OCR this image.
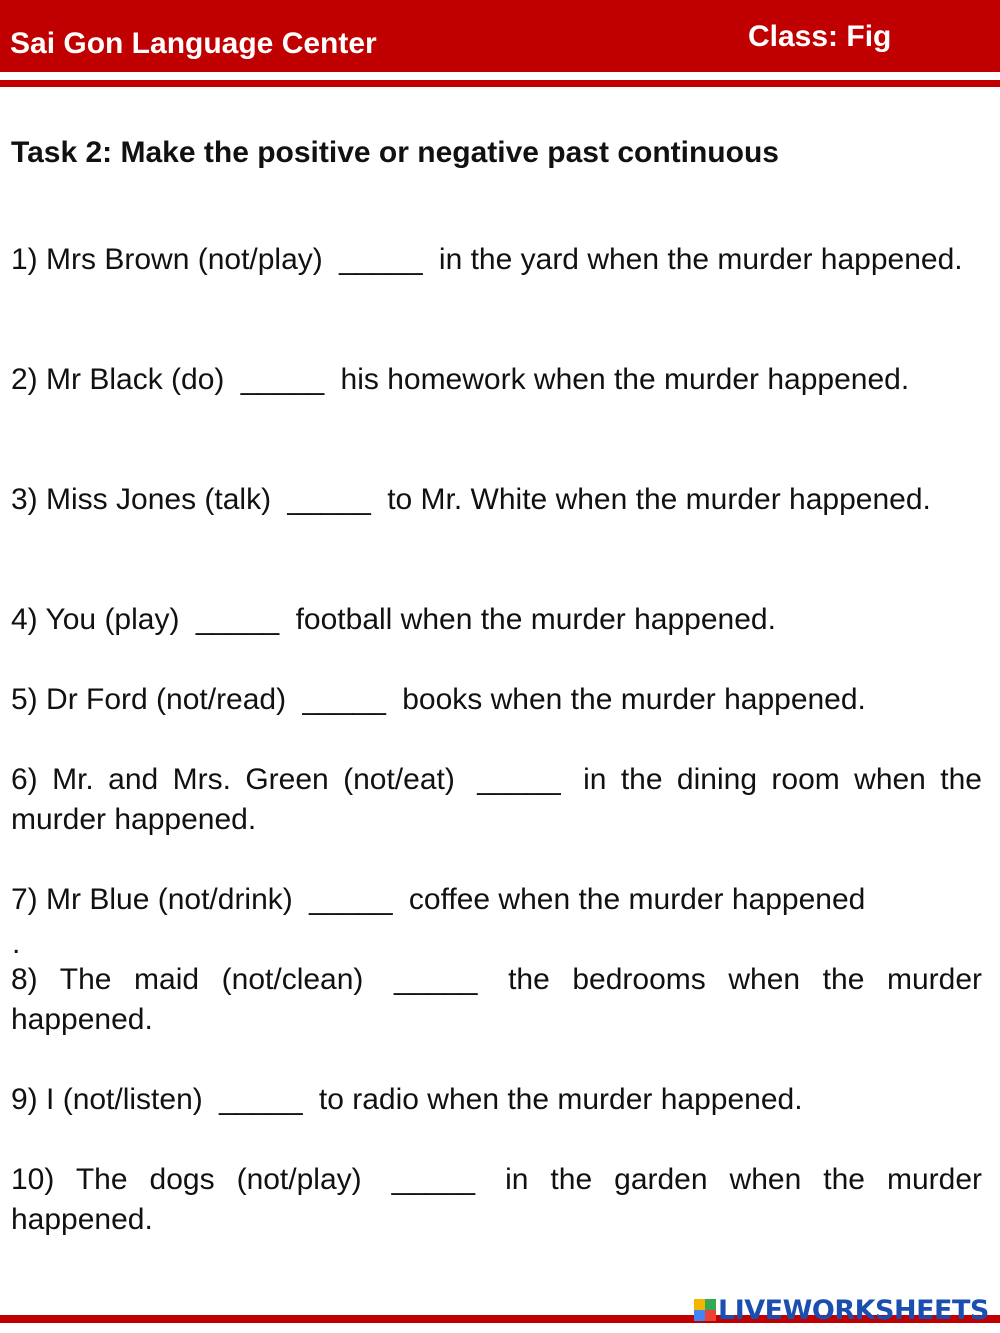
Sai Gon Language Center	Class: Fig
Task 2: Make the positive or negative past continuous
1) Mrs Brown (not/play) _____ in the yard when the murder happened.
2) Mr Black (do) _____ his homework when the murder happened.
3) Miss Jones (talk) _____ to Mr. White when the murder happened.
4) You (play) _____ football when the murder happened.
5) Dr Ford (not/read) _____ books when the murder happened.
6) Mr. and Mrs. Green (not/eat) _____ in the dining room when the murder happened.
7) Mr Blue (not/drink) _____ coffee when the murder happened
.
8) The maid (not/clean) _____ the bedrooms when the murder happened.
9) I (not/listen) _____ to radio when the murder happened.
10) The dogs (not/play) _____ in the garden when the murder happened.
LIVEWORKSHEETS
